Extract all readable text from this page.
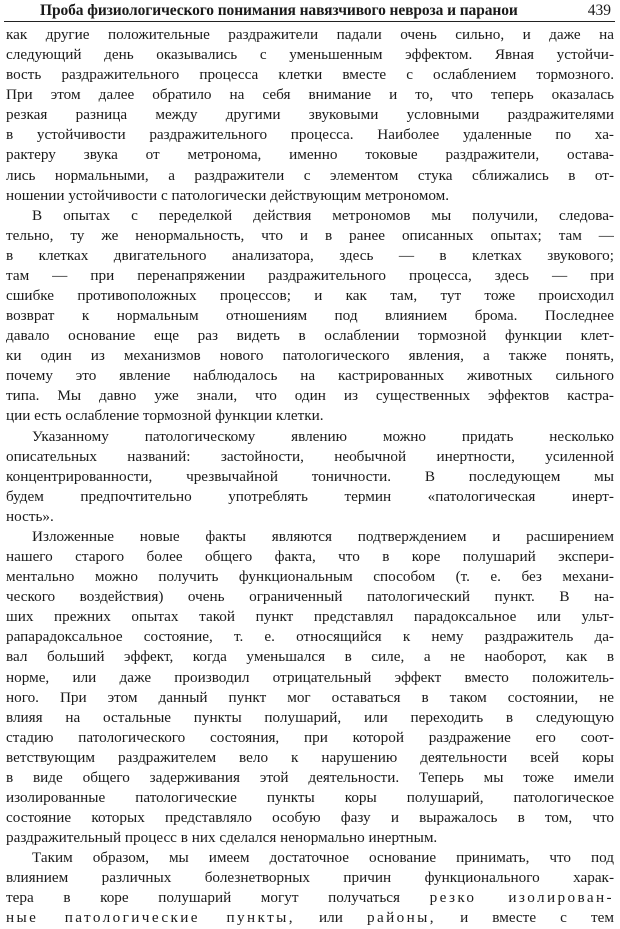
Проба физиологического понимания навязчивого невроза и паранои	439
как другие положительные раздражители падали очень сильно, и даже на
следующий день оказывались с уменьшенным эффектом. Явная устойчи-
вость раздражительного процесса клетки вместе с ослаблением тормозного.
При этом далее обратило на себя внимание и то, что теперь оказалась
резкая разница между другими звуковыми условными раздражителями
в устойчивости раздражительного процесса. Наиболее удаленные по ха-
рактеру звука от метронома, именно токовые раздражители, остава-
лись нормальными, а раздражители с элементом стука сближались в от-
ношении устойчивости с патологически действующим метрономом.
В опытах с переделкой действия метрономов мы получили, следова-
тельно, ту же ненормальность, что и в ранее описанных опытах; там —
в клетках двигательного анализатора, здесь — в клетках звукового;
там — при перенапряжении раздражительного процесса, здесь — при
сшибке противоположных процессов; и как там, тут тоже происходил
возврат к нормальным отношениям под влиянием брома. Последнее
давало основание еще раз видеть в ослаблении тормозной функции клет-
ки один из механизмов нового патологического явления, а также понять,
почему это явление наблюдалось на кастрированных животных сильного
типа. Мы давно уже знали, что один из существенных эффектов кастра-
ции есть ослабление тормозной функции клетки.
Указанному патологическому явлению можно придать несколько
описательных названий: застойности, необычной инертности, усиленной
концентрированности, чрезвычайной тоничности. В последующем мы
будем предпочтительно употреблять термин «патологическая инерт-
ность».
Изложенные новые факты являются подтверждением и расширением
нашего старого более общего факта, что в коре полушарий экспери-
ментально можно получить функциональным способом (т. е. без механи-
ческого воздействия) очень ограниченный патологический пункт. В на-
ших прежних опытах такой пункт представлял парадоксальное или ульт-
рапарадоксальное состояние, т. е. относящийся к нему раздражитель да-
вал больший эффект, когда уменьшался в силе, а не наоборот, как в
норме, или даже производил отрицательный эффект вместо положитель-
ного. При этом данный пункт мог оставаться в таком состоянии, не
влияя на остальные пункты полушарий, или переходить в следующую
стадию патологического состояния, при которой раздражение его соот-
ветствующим раздражителем вело к нарушению деятельности всей коры
в виде общего задерживания этой деятельности. Теперь мы тоже имели
изолированные патологические пункты коры полушарий, патологическое
состояние которых представляло особую фазу и выражалось в том, что
раздражительный процесс в них сделался ненормально инертным.
Таким образом, мы имеем достаточное основание принимать, что под
влиянием различных болезнетворных причин функционального харак-
тера в коре полушарий могут получаться резко изолирован-
ные патологические пункты, или районы, и вместе с тем
